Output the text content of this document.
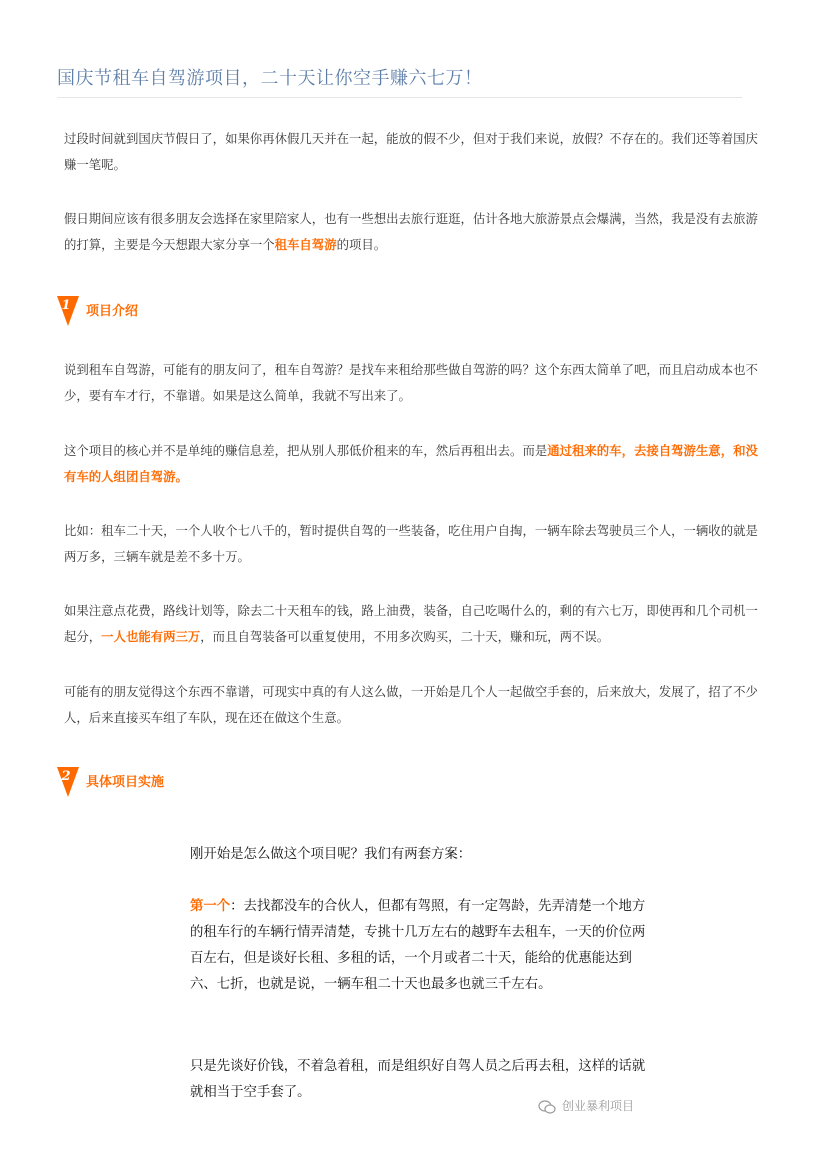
国庆节租车自驾游项目，二十天让你空手赚六七万！

过段时间就到国庆节假日了，如果你再休假几天并在一起，能放的假不少，但对于我们来说，放假？不存在的。我们还等着国庆赚一笔呢。

假日期间应该有很多朋友会选择在家里陪家人，也有一些想出去旅行逛逛，估计各地大旅游景点会爆满，当然，我是没有去旅游的打算，主要是今天想跟大家分享一个租车自驾游的项目。

1	项目介绍

说到租车自驾游，可能有的朋友问了，租车自驾游？是找车来租给那些做自驾游的吗？这个东西太简单了吧，而且启动成本也不少，要有车才行，不靠谱。如果是这么简单，我就不写出来了。

这个项目的核心并不是单纯的赚信息差，把从别人那低价租来的车，然后再租出去。而是通过租来的车，去接自驾游生意，和没有车的人组团自驾游。

比如：租车二十天，一个人收个七八千的，暂时提供自驾的一些装备，吃住用户自掏，一辆车除去驾驶员三个人，一辆收的就是两万多，三辆车就是差不多十万。

如果注意点花费，路线计划等，除去二十天租车的钱，路上油费，装备，自己吃喝什么的，剩的有六七万，即使再和几个司机一起分，一人也能有两三万，而且自驾装备可以重复使用，不用多次购买，二十天，赚和玩，两不误。

可能有的朋友觉得这个东西不靠谱，可现实中真的有人这么做，一开始是几个人一起做空手套的，后来放大，发展了，招了不少人，后来直接买车组了车队，现在还在做这个生意。

2	具体项目实施

刚开始是怎么做这个项目呢？我们有两套方案：

第一个：去找都没车的合伙人，但都有驾照，有一定驾龄，先弄清楚一个地方的租车行的车辆行情弄清楚，专挑十几万左右的越野车去租车，一天的价位两百左右，但是谈好长租、多租的话，一个月或者二十天，能给的优惠能达到六、七折，也就是说，一辆车租二十天也最多也就三千左右。

只是先谈好价钱，不着急着租，而是组织好自驾人员之后再去租，这样的话就就相当于空手套了。

创业暴利项目
